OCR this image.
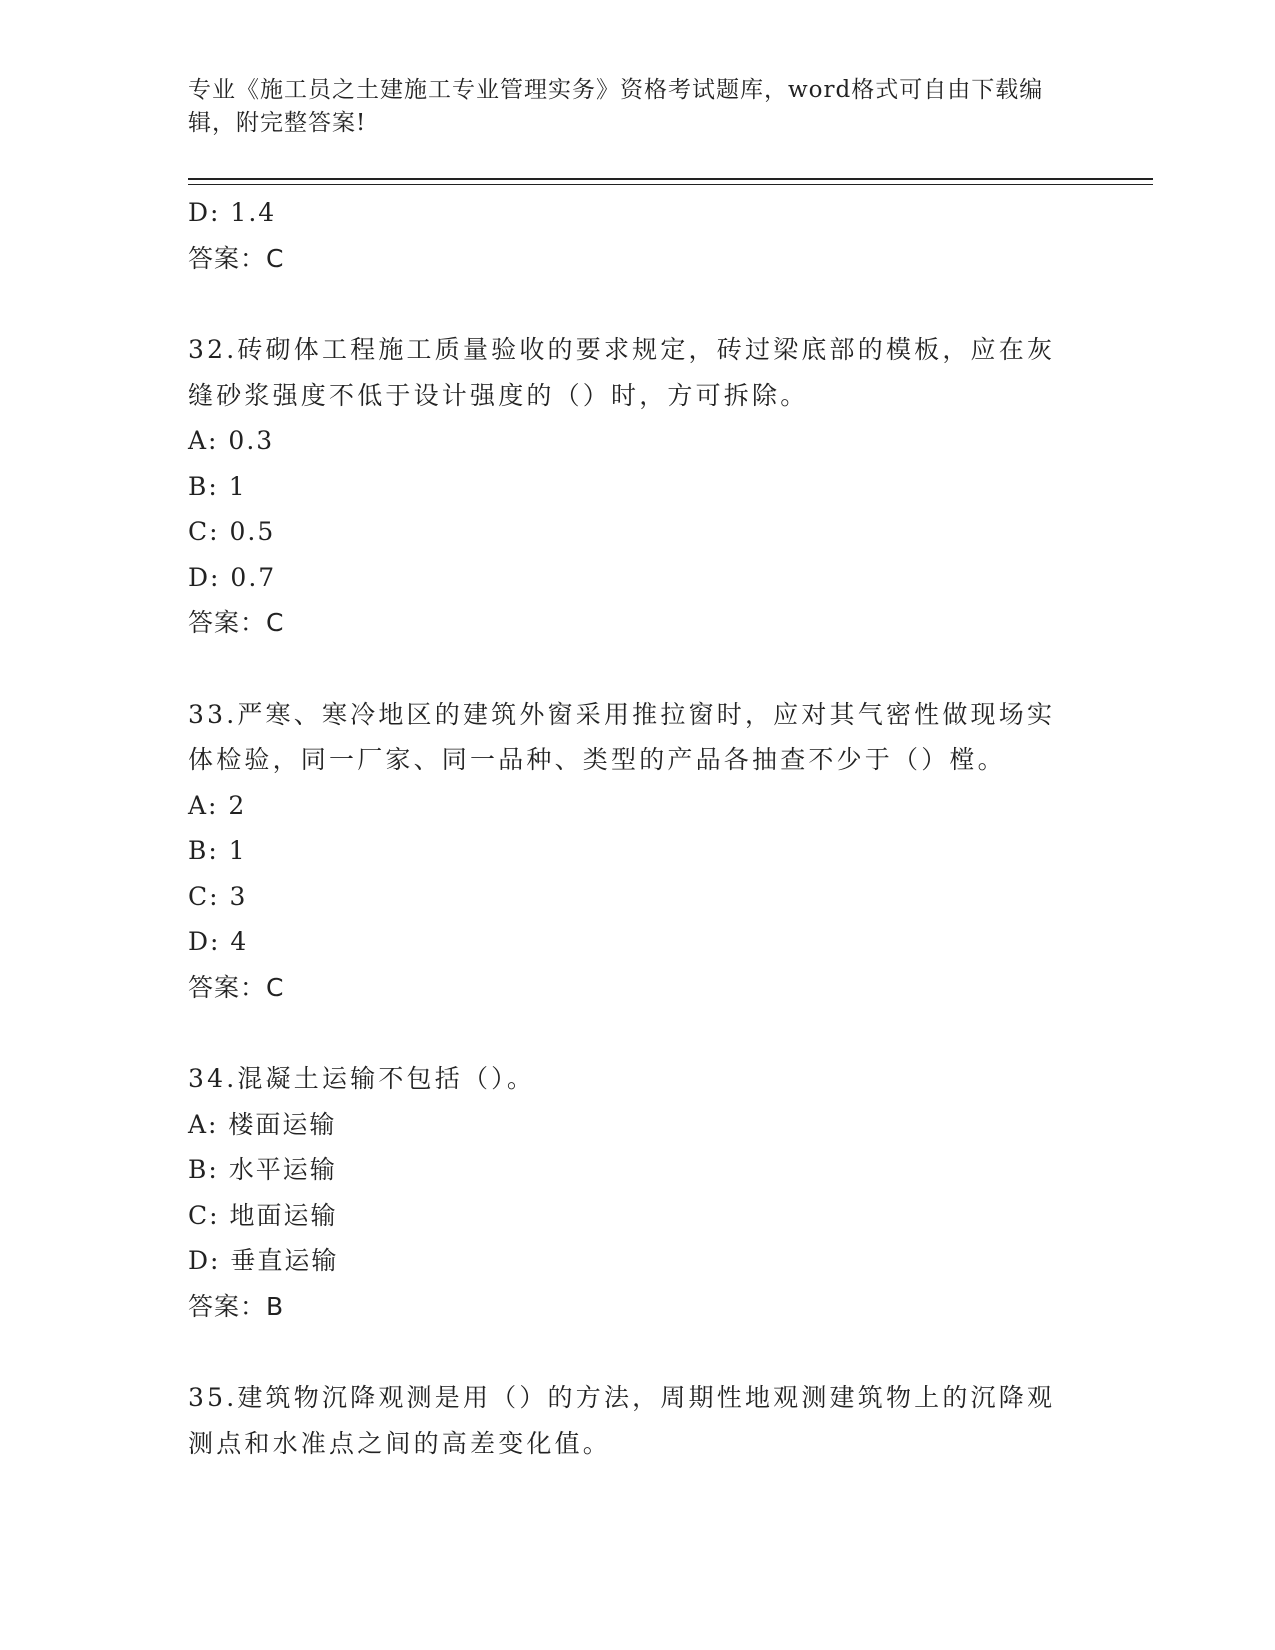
专业《施工员之土建施工专业管理实务》资格考试题库，word格式可自由下载编辑，附完整答案!
D: 1.4
答案：C
32.砖砌体工程施工质量验收的要求规定，砖过梁底部的模板，应在灰缝砂浆强度不低于设计强度的（）时，方可拆除。
A: 0.3
B: 1
C: 0.5
D: 0.7
答案：C
33.严寒、寒冷地区的建筑外窗采用推拉窗时，应对其气密性做现场实体检验，同一厂家、同一品种、类型的产品各抽查不少于（）樘。
A: 2
B: 1
C: 3
D: 4
答案：C
34.混凝土运输不包括（）。
A: 楼面运输
B: 水平运输
C: 地面运输
D: 垂直运输
答案：B
35.建筑物沉降观测是用（）的方法，周期性地观测建筑物上的沉降观测点和水准点之间的高差变化值。
